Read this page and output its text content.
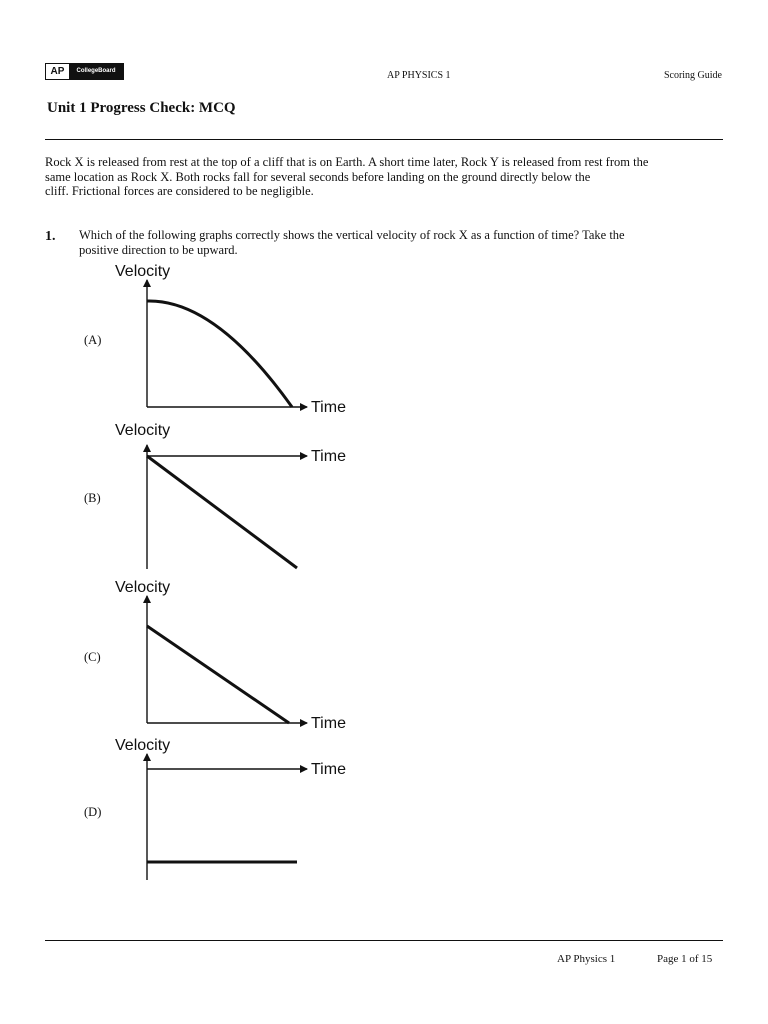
AP	CollegeBoard	AP PHYSICS 1	Scoring Guide
Unit 1 Progress Check: MCQ

Rock X is released from rest at the top of a cliff that is on Earth. A short time later, Rock Y is released from rest from the

same location as Rock X. Both rocks fall for several seconds before landing on the ground directly below the

cliff. Frictional forces are considered to be negligible.

1. Which of the following graphs correctly shows the vertical velocity of rock X as a function of time? Take the
positive direction to be upward.
(A)
Velocity
Time
(B)
Velocity
Time
(C)
Velocity
Time
(D)
Velocity
Time
AP Physics 1	Page 1 of 15
